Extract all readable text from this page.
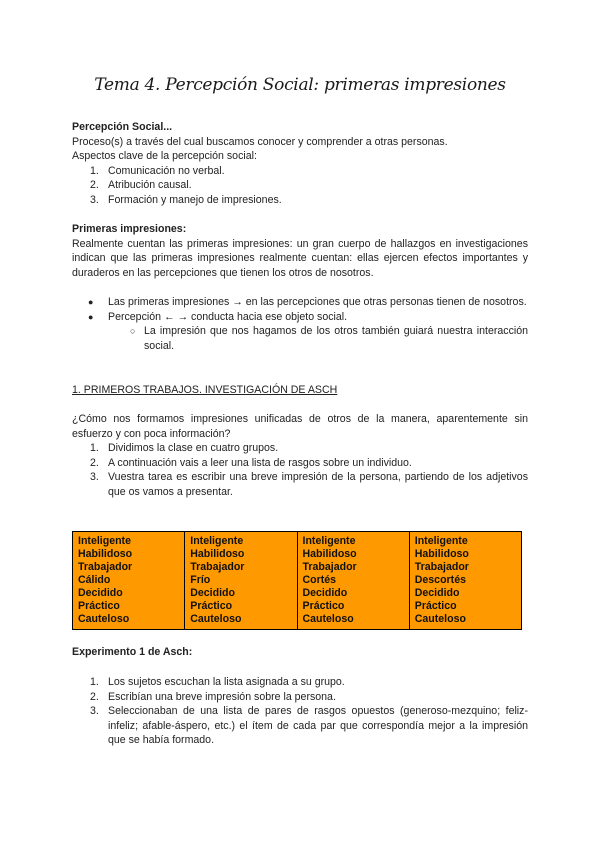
Tema 4. Percepción Social: primeras impresiones
Percepción Social...
Proceso(s) a través del cual buscamos conocer y comprender a otras personas.
Aspectos clave de la percepción social:
1. Comunicación no verbal.
2. Atribución causal.
3. Formación y manejo de impresiones.
Primeras impresiones:
Realmente cuentan las primeras impresiones: un gran cuerpo de hallazgos en investigaciones indican que las primeras impresiones realmente cuentan: ellas ejercen efectos importantes y duraderos en las percepciones que tienen los otros de nosotros.
● Las primeras impresiones → en las percepciones que otras personas tienen de nosotros.
● Percepción ← → conducta hacia ese objeto social.
○ La impresión que nos hagamos de los otros también guiará nuestra interacción social.
1. PRIMEROS TRABAJOS. INVESTIGACIÓN DE ASCH
¿Cómo nos formamos impresiones unificadas de otros de la manera, aparentemente sin esfuerzo y con poca información?
1. Dividimos la clase en cuatro grupos.
2. A continuación vais a leer una lista de rasgos sobre un individuo.
3. Vuestra tarea es escribir una breve impresión de la persona, partiendo de los adjetivos que os vamos a presentar.
Inteligente
Habilidoso
Trabajador
Cálido
Decidido
Práctico
Cauteloso

Inteligente
Habilidoso
Trabajador
Frío
Decidido
Práctico
Cauteloso

Inteligente
Habilidoso
Trabajador
Cortés
Decidido
Práctico
Cauteloso

Inteligente
Habilidoso
Trabajador
Descortés
Decidido
Práctico
Cauteloso
Experimento 1 de Asch:
1. Los sujetos escuchan la lista asignada a su grupo.
2. Escribían una breve impresión sobre la persona.
3. Seleccionaban de una lista de pares de rasgos opuestos (generoso-mezquino; feliz-infeliz; afable-áspero, etc.) el ítem de cada par que correspondía mejor a la impresión que se había formado.
